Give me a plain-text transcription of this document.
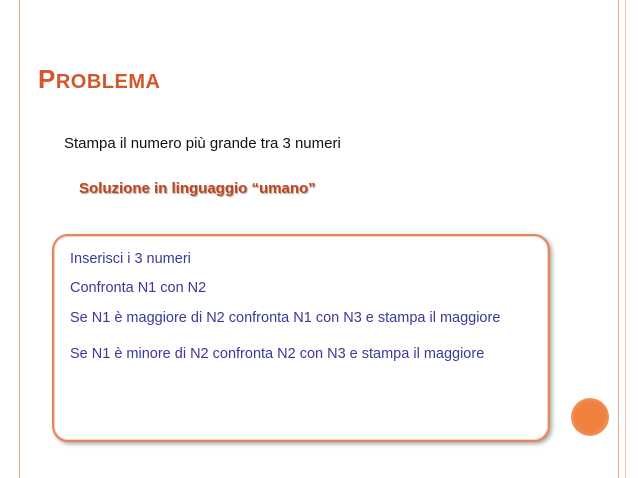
PROBLEMA
Stampa il numero più grande tra 3 numeri
Soluzione in linguaggio “umano”
Inserisci i 3 numeri
Confronta N1 con N2
Se N1 è maggiore di N2 confronta N1 con N3 e stampa il maggiore
Se N1 è minore di N2 confronta N2 con N3 e stampa il maggiore
